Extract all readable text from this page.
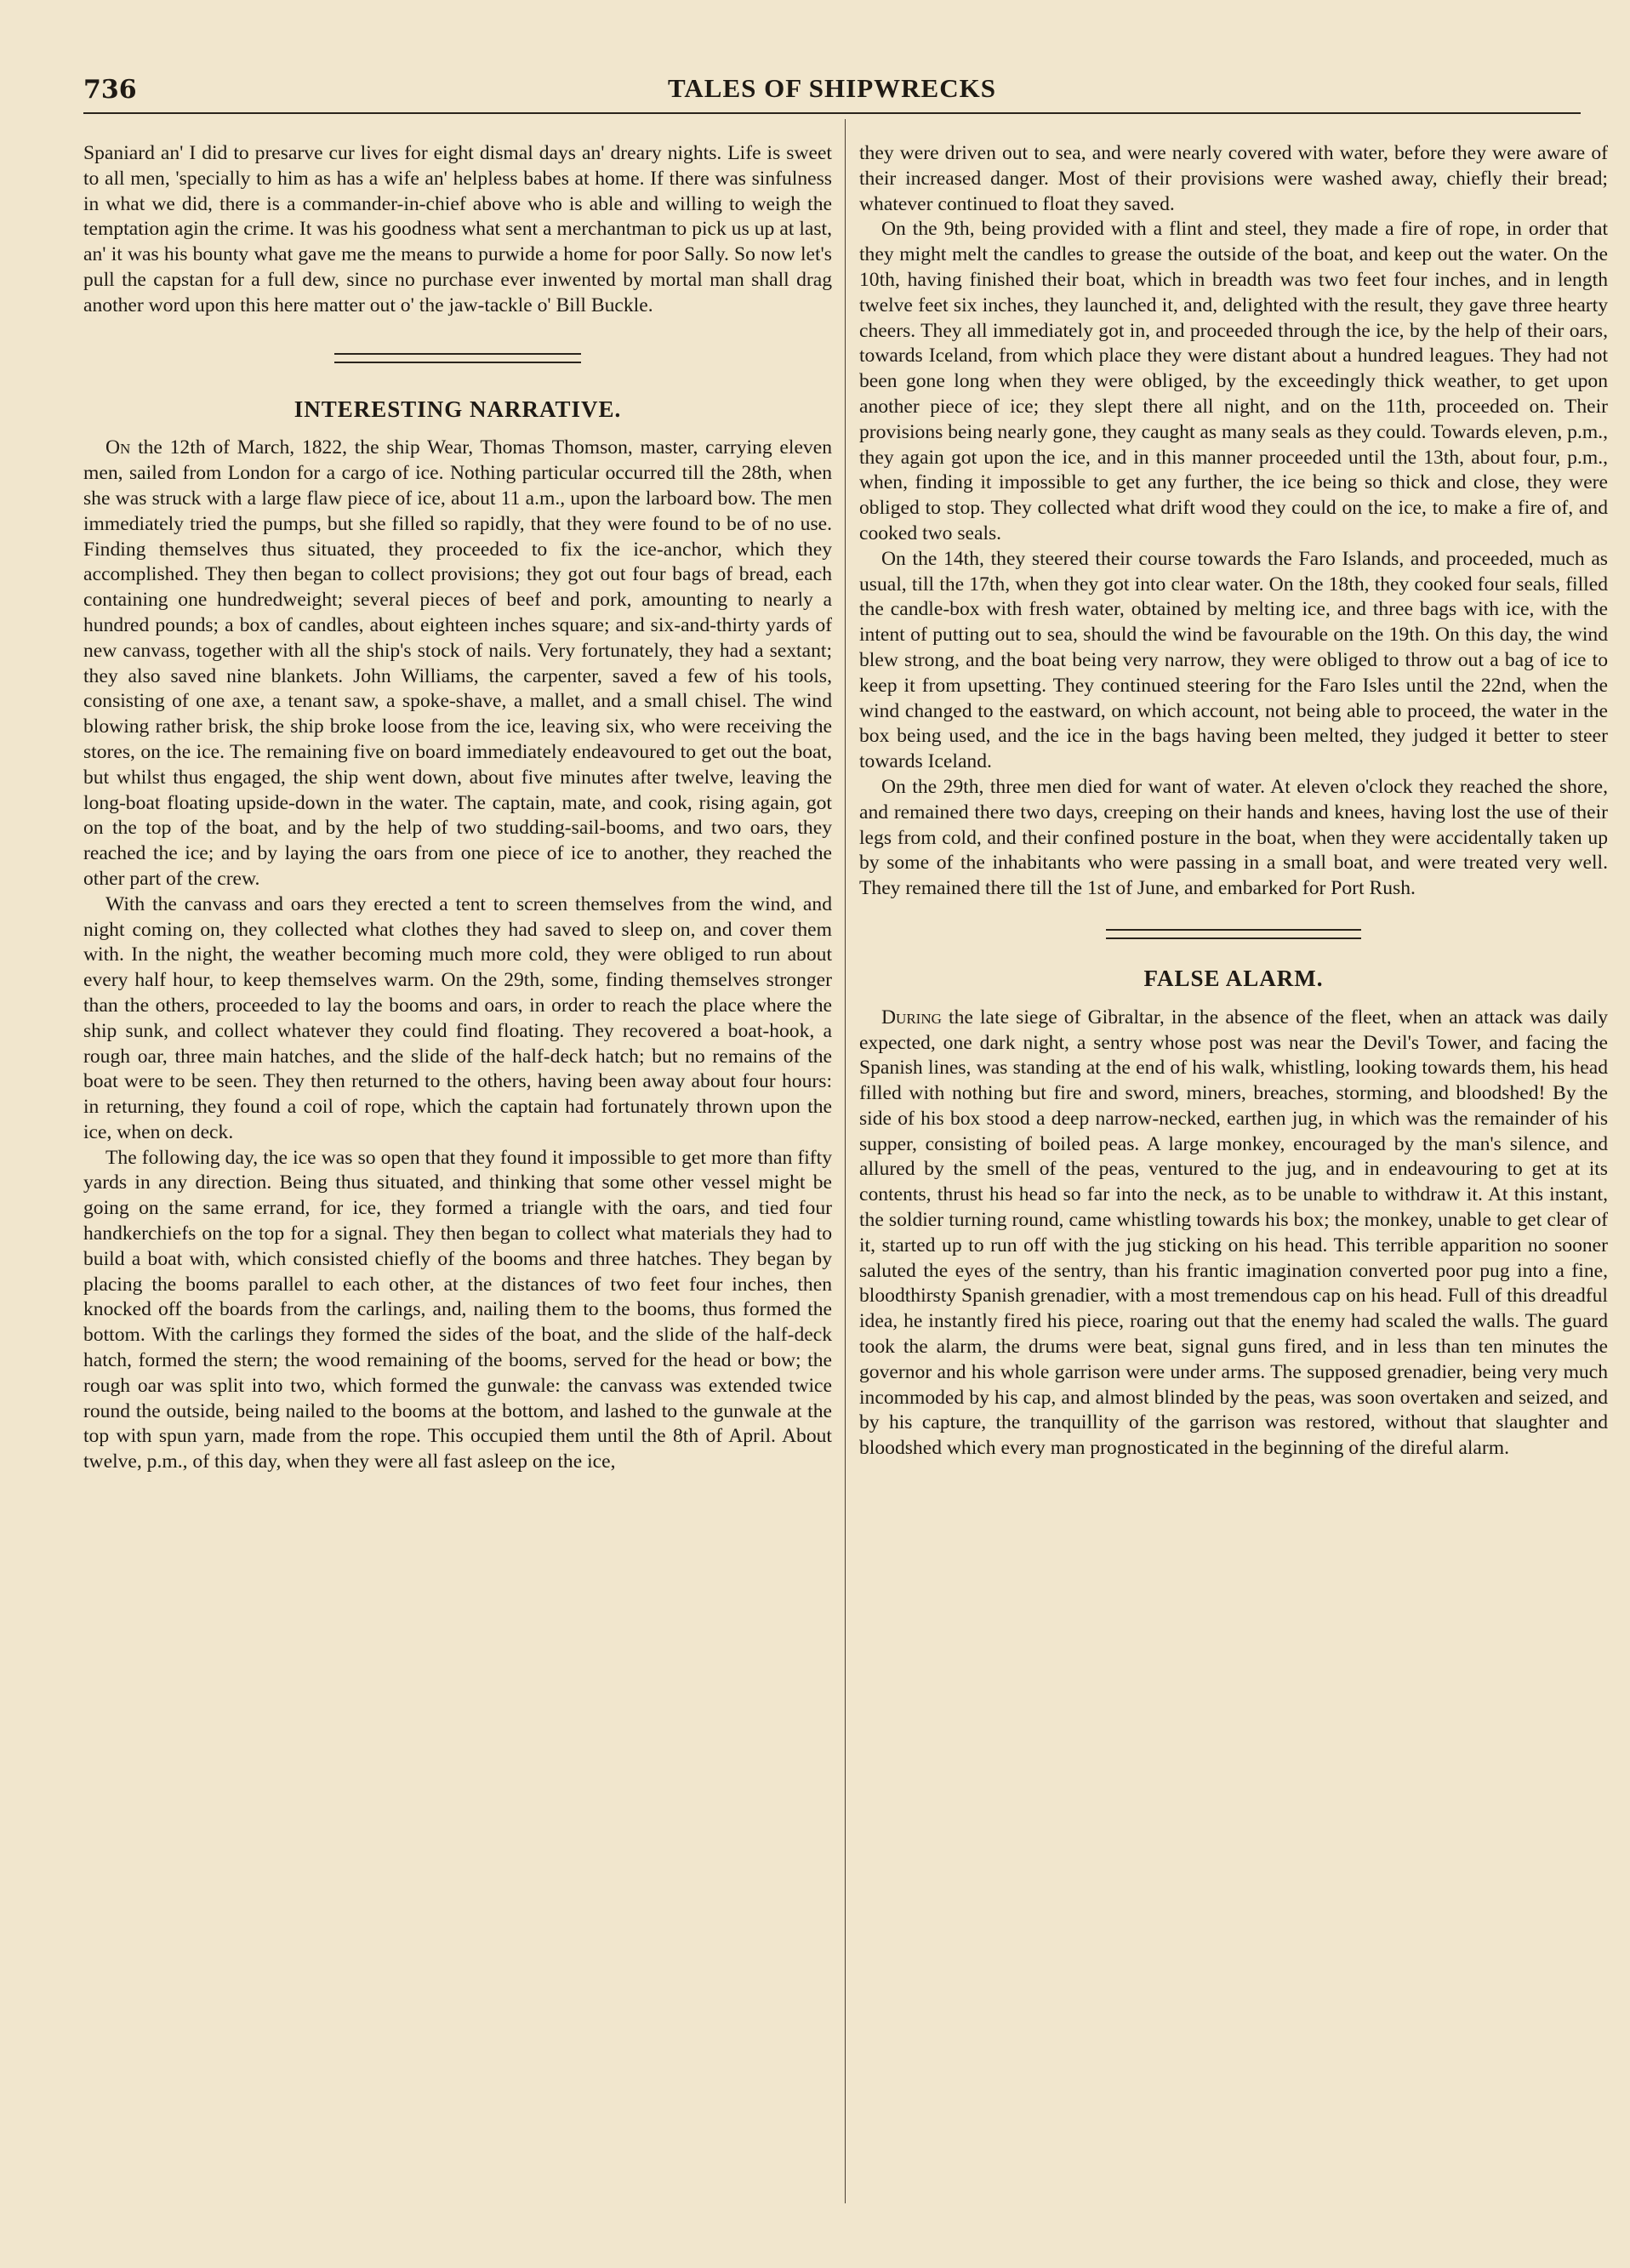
736	TALES OF SHIPWRECKS

Spaniard an' I did to presarve cur lives for eight dismal days an' dreary nights. Life is sweet to all men, 'specially to him as has a wife an' helpless babes at home. If there was sinfulness in what we did, there is a commander-in-chief above who is able and willing to weigh the temptation agin the crime. It was his goodness what sent a merchantman to pick us up at last, an' it was his bounty what gave me the means to purwide a home for poor Sally. So now let's pull the capstan for a full dew, since no purchase ever inwented by mortal man shall drag another word upon this here matter out o' the jaw-tackle o' Bill Buckle.

INTERESTING NARRATIVE.

On the 12th of March, 1822, the ship Wear, Thomas Thomson, master, carrying eleven men, sailed from London for a cargo of ice. Nothing particular occurred till the 28th, when she was struck with a large flaw piece of ice, about 11 a.m., upon the larboard bow. The men immediately tried the pumps, but she filled so rapidly, that they were found to be of no use. Finding themselves thus situated, they proceeded to fix the ice-anchor, which they accomplished. They then began to collect provisions; they got out four bags of bread, each containing one hundredweight; several pieces of beef and pork, amounting to nearly a hundred pounds; a box of candles, about eighteen inches square; and six-and-thirty yards of new canvass, together with all the ship's stock of nails. Very fortunately, they had a sextant; they also saved nine blankets. John Williams, the carpenter, saved a few of his tools, consisting of one axe, a tenant saw, a spoke-shave, a mallet, and a small chisel. The wind blowing rather brisk, the ship broke loose from the ice, leaving six, who were receiving the stores, on the ice. The remaining five on board immediately endeavoured to get out the boat, but whilst thus engaged, the ship went down, about five minutes after twelve, leaving the long-boat floating upside-down in the water. The captain, mate, and cook, rising again, got on the top of the boat, and by the help of two studding-sail-booms, and two oars, they reached the ice; and by laying the oars from one piece of ice to another, they reached the other part of the crew.

With the canvass and oars they erected a tent to screen themselves from the wind, and night coming on, they collected what clothes they had saved to sleep on, and cover them with. In the night, the weather becoming much more cold, they were obliged to run about every half hour, to keep themselves warm. On the 29th, some, finding themselves stronger than the others, proceeded to lay the booms and oars, in order to reach the place where the ship sunk, and collect whatever they could find floating. They recovered a boat-hook, a rough oar, three main hatches, and the slide of the half-deck hatch; but no remains of the boat were to be seen. They then returned to the others, having been away about four hours: in returning, they found a coil of rope, which the captain had fortunately thrown upon the ice, when on deck.

The following day, the ice was so open that they found it impossible to get more than fifty yards in any direction. Being thus situated, and thinking that some other vessel might be going on the same errand, for ice, they formed a triangle with the oars, and tied four handkerchiefs on the top for a signal. They then began to collect what materials they had to build a boat with, which consisted chiefly of the booms and three hatches. They began by placing the booms parallel to each other, at the distances of two feet four inches, then knocked off the boards from the carlings, and, nailing them to the booms, thus formed the bottom. With the carlings they formed the sides of the boat, and the slide of the half-deck hatch, formed the stern; the wood remaining of the booms, served for the head or bow; the rough oar was split into two, which formed the gunwale: the canvass was extended twice round the outside, being nailed to the booms at the bottom, and lashed to the gunwale at the top with spun yarn, made from the rope. This occupied them until the 8th of April. About twelve, p.m., of this day, when they were all fast asleep on the ice,

they were driven out to sea, and were nearly covered with water, before they were aware of their increased danger. Most of their provisions were washed away, chiefly their bread; whatever continued to float they saved.

On the 9th, being provided with a flint and steel, they made a fire of rope, in order that they might melt the candles to grease the outside of the boat, and keep out the water. On the 10th, having finished their boat, which in breadth was two feet four inches, and in length twelve feet six inches, they launched it, and, delighted with the result, they gave three hearty cheers. They all immediately got in, and proceeded through the ice, by the help of their oars, towards Iceland, from which place they were distant about a hundred leagues. They had not been gone long when they were obliged, by the exceedingly thick weather, to get upon another piece of ice; they slept there all night, and on the 11th, proceeded on. Their provisions being nearly gone, they caught as many seals as they could. Towards eleven, p.m., they again got upon the ice, and in this manner proceeded until the 13th, about four, p.m., when, finding it impossible to get any further, the ice being so thick and close, they were obliged to stop. They collected what drift wood they could on the ice, to make a fire of, and cooked two seals.

On the 14th, they steered their course towards the Faro Islands, and proceeded, much as usual, till the 17th, when they got into clear water. On the 18th, they cooked four seals, filled the candle-box with fresh water, obtained by melting ice, and three bags with ice, with the intent of putting out to sea, should the wind be favourable on the 19th. On this day, the wind blew strong, and the boat being very narrow, they were obliged to throw out a bag of ice to keep it from upsetting. They continued steering for the Faro Isles until the 22nd, when the wind changed to the eastward, on which account, not being able to proceed, the water in the box being used, and the ice in the bags having been melted, they judged it better to steer towards Iceland.

On the 29th, three men died for want of water. At eleven o'clock they reached the shore, and remained there two days, creeping on their hands and knees, having lost the use of their legs from cold, and their confined posture in the boat, when they were accidentally taken up by some of the inhabitants who were passing in a small boat, and were treated very well. They remained there till the 1st of June, and embarked for Port Rush.

FALSE ALARM.

During the late siege of Gibraltar, in the absence of the fleet, when an attack was daily expected, one dark night, a sentry whose post was near the Devil's Tower, and facing the Spanish lines, was standing at the end of his walk, whistling, looking towards them, his head filled with nothing but fire and sword, miners, breaches, storming, and bloodshed! By the side of his box stood a deep narrow-necked, earthen jug, in which was the remainder of his supper, consisting of boiled peas. A large monkey, encouraged by the man's silence, and allured by the smell of the peas, ventured to the jug, and in endeavouring to get at its contents, thrust his head so far into the neck, as to be unable to withdraw it. At this instant, the soldier turning round, came whistling towards his box; the monkey, unable to get clear of it, started up to run off with the jug sticking on his head. This terrible apparition no sooner saluted the eyes of the sentry, than his frantic imagination converted poor pug into a fine, bloodthirsty Spanish grenadier, with a most tremendous cap on his head. Full of this dreadful idea, he instantly fired his piece, roaring out that the enemy had scaled the walls. The guard took the alarm, the drums were beat, signal guns fired, and in less than ten minutes the governor and his whole garrison were under arms. The supposed grenadier, being very much incommoded by his cap, and almost blinded by the peas, was soon overtaken and seized, and by his capture, the tranquillity of the garrison was restored, without that slaughter and bloodshed which every man prognosticated in the beginning of the direful alarm.
